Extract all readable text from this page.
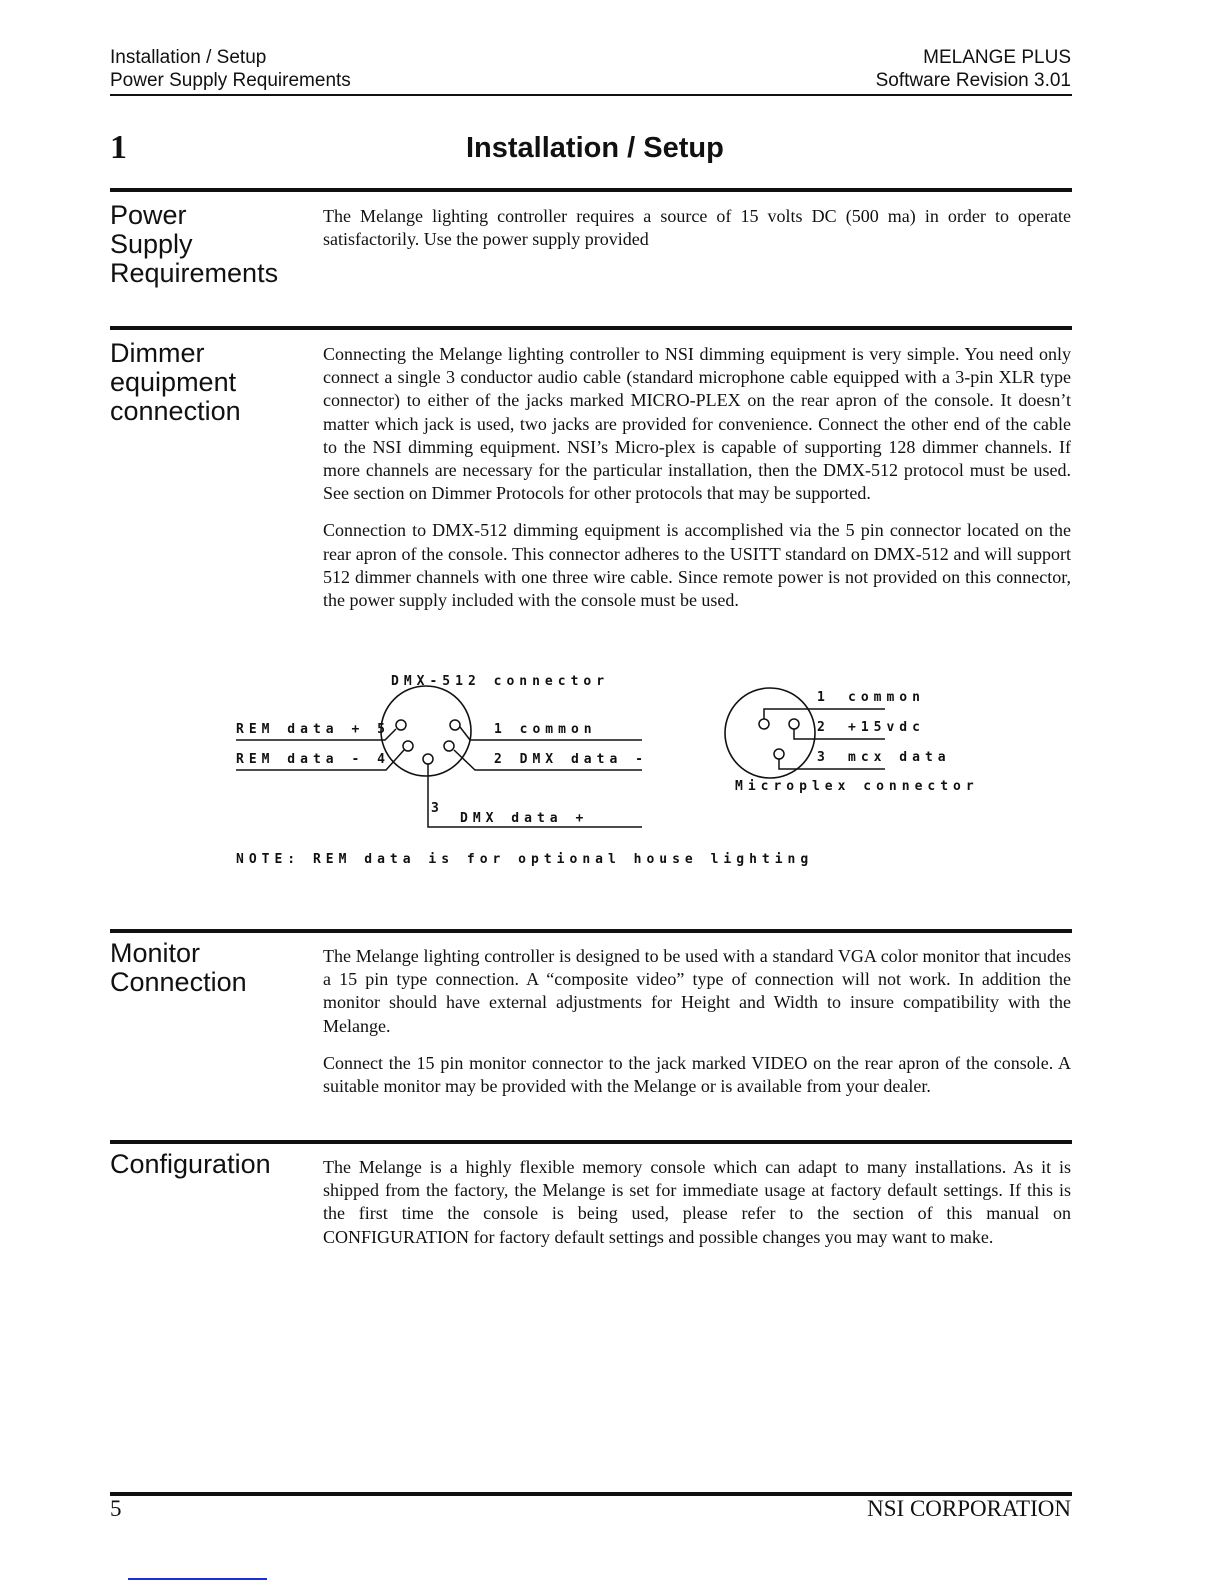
Installation / Setup
Power Supply Requirements
MELANGE PLUS
Software Revision 3.01
1	Installation / Setup
Power
Supply
Requirements

The Melange lighting controller requires a source of 15 volts DC (500 ma) in order to operate satisfactorily. Use the power supply provided

Dimmer
equipment
connection

Connecting the Melange lighting controller to NSI dimming equipment is very simple. You need only connect a single 3 conductor audio cable (standard microphone cable equipped with a 3-pin XLR type connector) to either of the jacks marked MICRO-PLEX on the rear apron of the console. It doesn’t matter which jack is used, two jacks are provided for convenience. Connect the other end of the cable to the NSI dimming equipment. NSI’s Micro-plex is capable of supporting 128 dimmer channels. If more channels are necessary for the particular installation, then the DMX-512 protocol must be used. See section on Dimmer Protocols for other protocols that may be supported.

Connection to DMX-512 dimming equipment is accomplished via the 5 pin connector located on the rear apron of the console. This connector adheres to the USITT standard on DMX-512 and will support 512 dimmer channels with one three wire cable. Since remote power is not provided on this connector, the power supply included with the console must be used.

DMX-512 connector
REM data + 5
REM data - 4
1 common
2 DMX data -
3
DMX data +
1 common
2 +15vdc
3 mcx data
Microplex connector
NOTE: REM data is for optional house lighting
Monitor
Connection

The Melange lighting controller is designed to be used with a standard VGA color monitor that incudes a 15 pin type connection. A “composite video” type of connection will not work. In addition the monitor should have external adjustments for Height and Width to insure compatibility with the Melange.

Connect the 15 pin monitor connector to the jack marked VIDEO on the rear apron of the console. A suitable monitor may be provided with the Melange or is available from your dealer.

Configuration	The Melange is a highly flexible memory console which can adapt to many installations. As it is shipped from the factory, the Melange is set for immediate usage at factory default settings. If this is the first time the console is being used, please refer to the section of this manual on CONFIGURATION for factory default settings and possible changes you may want to make.

5	NSI CORPORATION
